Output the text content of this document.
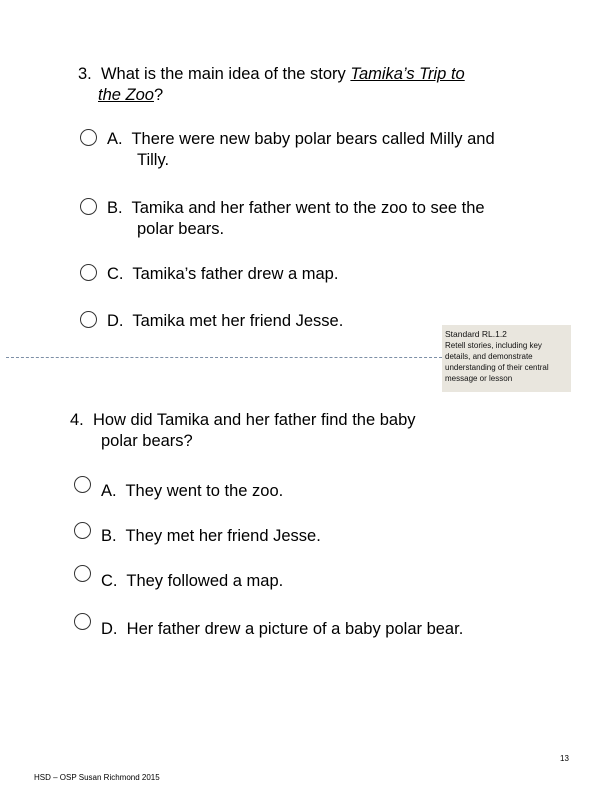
3. What is the main idea of the story Tamika’s Trip to
the Zoo?
A. There were new baby polar bears called Milly and
Tilly.
B. Tamika and her father went to the zoo to see the
polar bears.
C. Tamika’s father drew a map.
D. Tamika met her friend Jesse.
Standard RL.1.2
Retell stories, including key
details, and demonstrate
understanding of their central
message or lesson
4. How did Tamika and her father find the baby
polar bears?
A. They went to the zoo.
B. They met her friend Jesse.
C. They followed a map.
D. Her father drew a picture of a baby polar bear.
13
HSD – OSP Susan Richmond 2015
